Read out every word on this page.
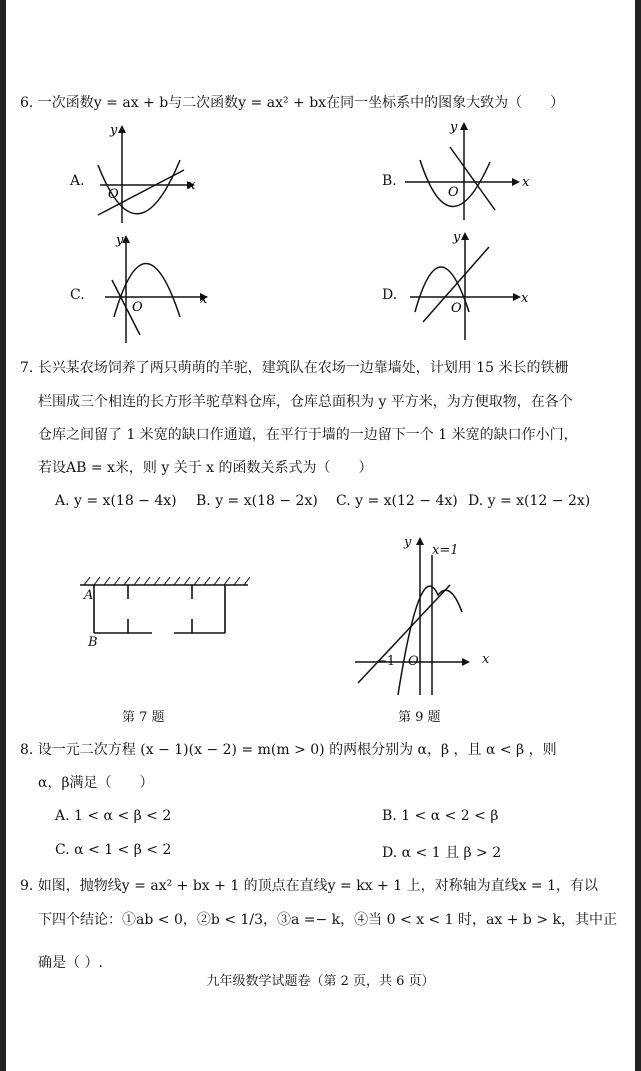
6. 一次函数y = ax + b与二次函数y = ax² + bx在同一坐标系中的图象大致为（　　）
A.
y
x
O
B.
y
x
O
C.
y
x
O
D.
y
x
O
7. 长兴某农场饲养了两只萌萌的羊驼，建筑队在农场一边靠墙处，计划用 15 米长的铁栅
栏围成三个相连的长方形羊驼草料仓库，仓库总面积为 y 平方米，为方便取物，在各个
仓库之间留了 1 米宽的缺口作通道，在平行于墙的一边留下一个 1 米宽的缺口作小门，
若设AB = x米，则 y 关于 x 的函数关系式为（　　）
A. y = x(18 − 4x) B. y = x(18 − 2x) C. y = x(12 − 4x) D. y = x(12 − 2x)
A
B
第 7 题
y
x=1
x
−1 O
第 9 题
8. 设一元二次方程 (x − 1)(x − 2) = m(m > 0) 的两根分别为 α，β ，且 α < β ，则
α，β满足（　　）
A. 1 < α < β < 2	B. 1 < α < 2 < β
C. α < 1 < β < 2	D. α < 1 且 β > 2
9. 如图，抛物线y = ax² + bx + 1 的顶点在直线y = kx + 1 上，对称轴为直线x = 1，有以
下四个结论：①ab < 0，②b < 1/3，③a =− k，④当 0 < x < 1 时，ax + b > k，其中正
确是（ ）.
九年级数学试题卷（第 2 页，共 6 页）
